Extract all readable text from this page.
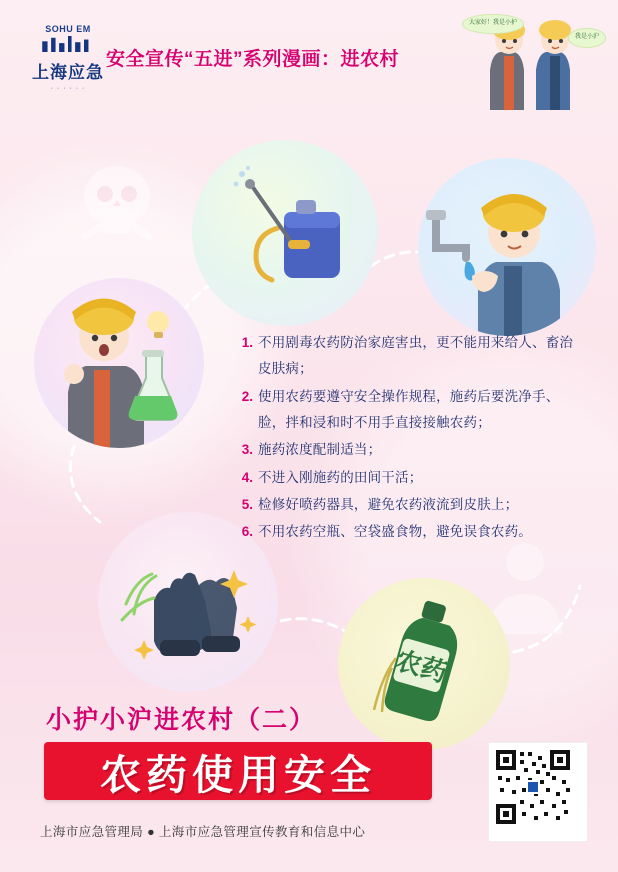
SOHU EM
上海应急
· · · · · ·
安全宣传“五进”系列漫画：进农村
大家好！我是小护
我是小沪
农药
1. 不用剧毒农药防治家庭害虫，更不能用来给人、畜治皮肤病；
2. 使用农药要遵守安全操作规程，施药后要洗净手、脸，拌和浸和时不用手直接接触农药；
3. 施药浓度配制适当；
4. 不进入刚施药的田间干活；
5. 检修好喷药器具，避免农药液流到皮肤上；
6. 不用农药空瓶、空袋盛食物，避免误食农药。
小护小沪进农村（二）
农药使用安全
上海市应急管理局 ● 上海市应急管理宣传教育和信息中心
